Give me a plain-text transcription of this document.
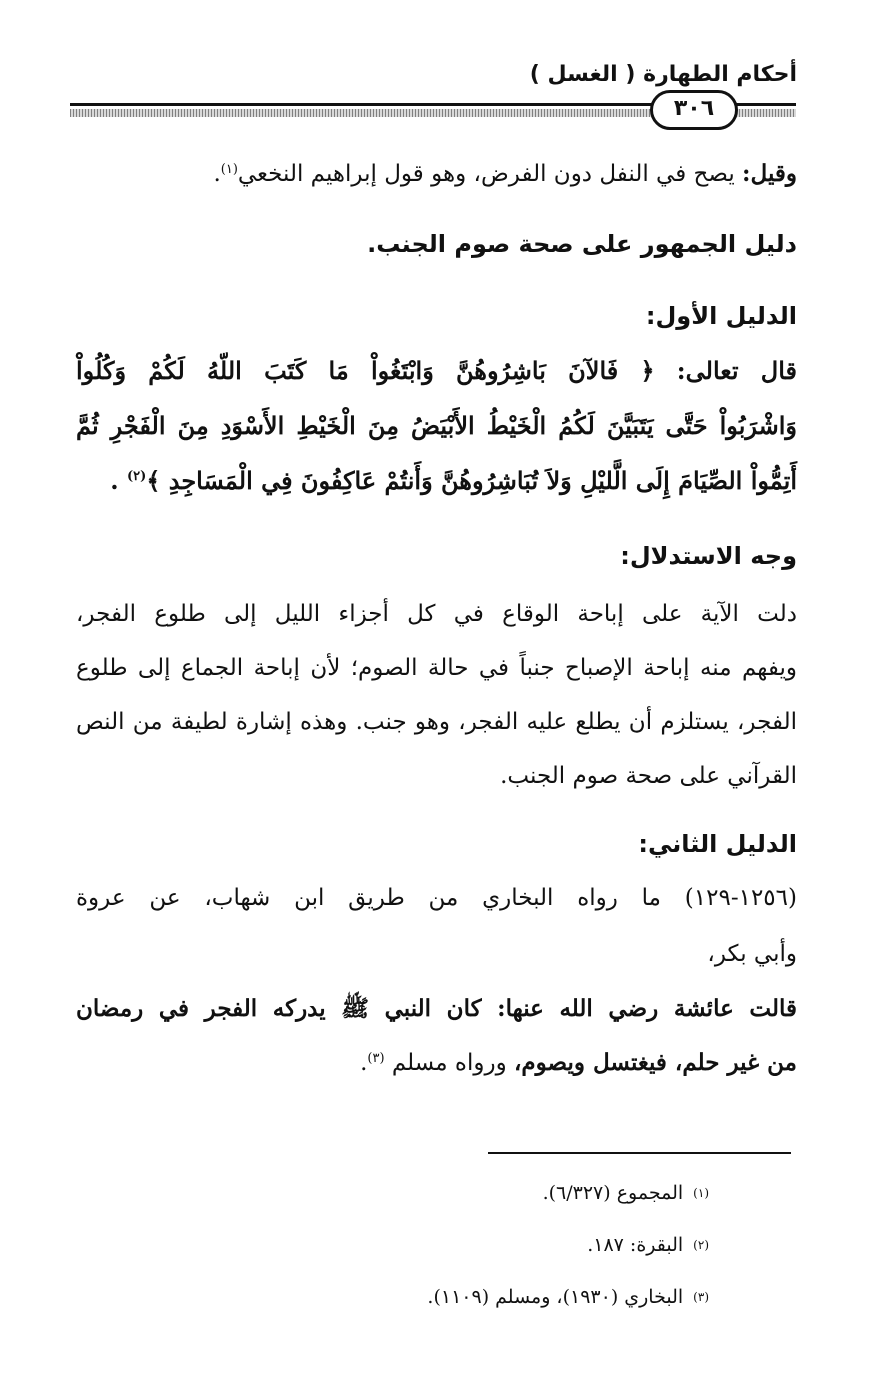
أحكام الطهارة ( الغسل )
٣٠٦
وقيل: يصح في النفل دون الفرض، وهو قول إبراهيم النخعي$^{(١)}$.
دليل الجمهور على صحة صوم الجنب.
الدليل الأول:
قال تعالى: ﴿ فَالآنَ بَاشِرُوهُنَّ وَابْتَغُواْ مَا كَتَبَ اللّهُ لَكُمْ وَكُلُواْ
وَاشْرَبُواْ حَتَّى يَتَبَيَّنَ لَكُمُ الْخَيْطُ الأَبْيَضُ مِنَ الْخَيْطِ الأَسْوَدِ مِنَ الْفَجْرِ ثُمَّ
أَتِمُّواْ الصِّيَامَ إِلَى الَّليْلِ وَلاَ تُبَاشِرُوهُنَّ وَأَنتُمْ عَاكِفُونَ فِي الْمَسَاجِدِ ﴾$^{(٢)}$ .
وجه الاستدلال:
دلت الآية على إباحة الوقاع في كل أجزاء الليل إلى طلوع الفجر،
ويفهم منه إباحة الإصباح جنباً في حالة الصوم؛ لأن إباحة الجماع إلى طلوع
الفجر، يستلزم أن يطلع عليه الفجر، وهو جنب. وهذه إشارة لطيفة من النص
القرآني على صحة صوم الجنب.
الدليل الثاني:
(١٢٥٦-١٢٩) ما رواه البخاري من طريق ابن شهاب، عن عروة
وأبي بكر،
قالت عائشة رضي الله عنها: كان النبي ﷺ يدركه الفجر في رمضان
من غير حلم، فيغتسل ويصوم، ورواه مسلم $^{(٣)}$.
$^{(١)}$المجموع (٦/٣٢٧).
$^{(٢)}$البقرة: ١٨٧.
$^{(٣)}$البخاري (١٩٣٠)، ومسلم (١١٠٩).
